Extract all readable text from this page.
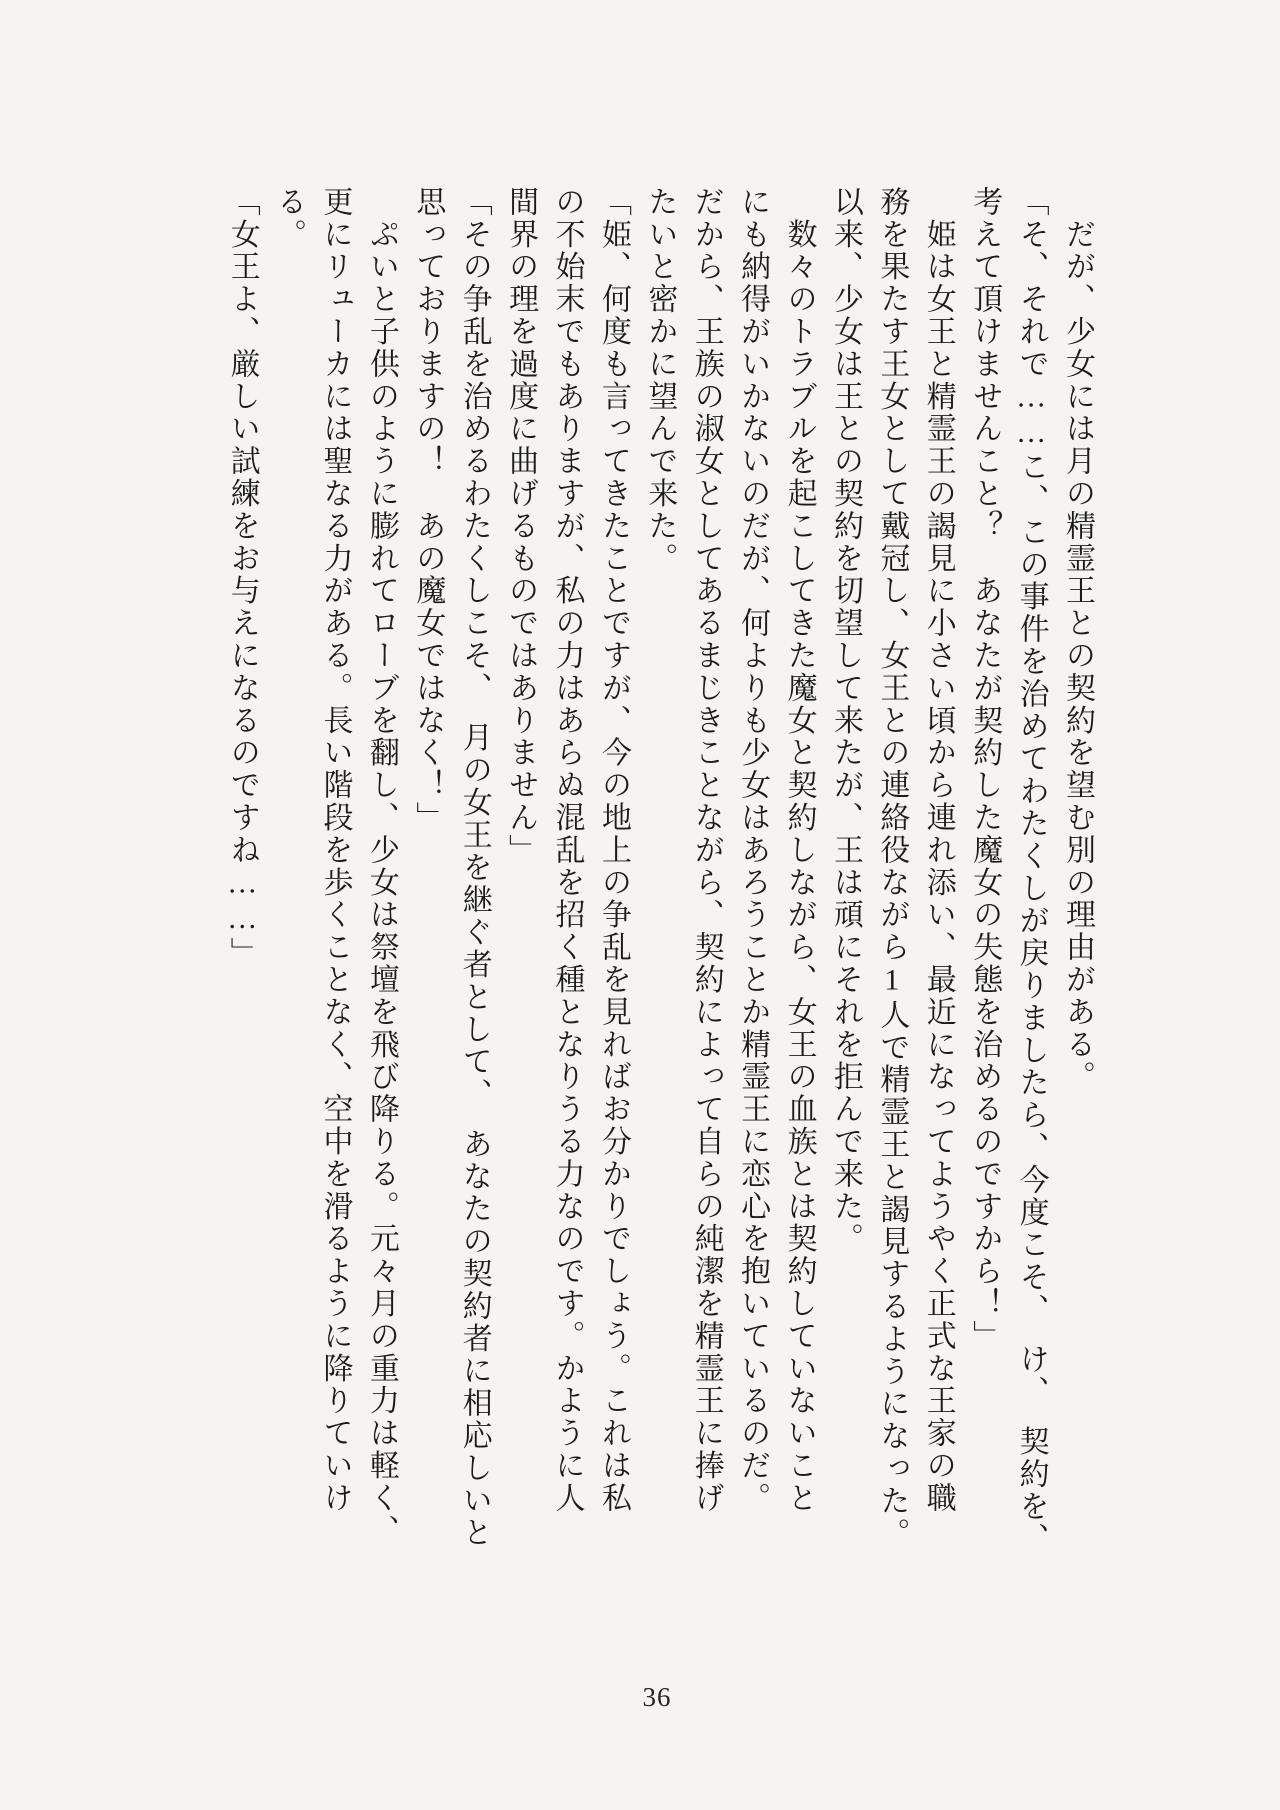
　だが、少女には月の精霊王との契約を望む別の理由がある。
「そ、それで……こ、この事件を治めてわたくしが戻りましたら、今度こそ、　け、　契約を、
考えて頂けませんこと？　あなたが契約した魔女の失態を治めるのですから！」
　姫は女王と精霊王の謁見に小さい頃から連れ添い、最近になってようやく正式な王家の職
務を果たす王女として戴冠し、女王との連絡役ながら1人で精霊王と謁見するようになった。
以来、少女は王との契約を切望して来たが、王は頑にそれを拒んで来た。
　数々のトラブルを起こしてきた魔女と契約しながら、女王の血族とは契約していないこと
にも納得がいかないのだが、何よりも少女はあろうことか精霊王に恋心を抱いているのだ。
だから、王族の淑女としてあるまじきことながら、契約によって自らの純潔を精霊王に捧げ
たいと密かに望んで来た。
「姫、何度も言ってきたことですが、今の地上の争乱を見ればお分かりでしょう。これは私
の不始末でもありますが、私の力はあらぬ混乱を招く種となりうる力なのです。かように人
間界の理を過度に曲げるものではありません」
「その争乱を治めるわたくしこそ、　月の女王を継ぐ者として、　あなたの契約者に相応しいと
思っておりますの！　あの魔女ではなく！」
　ぷいと子供のように膨れてローブを翻し、少女は祭壇を飛び降りる。元々月の重力は軽く、
更にリューカには聖なる力がある。長い階段を歩くことなく、空中を滑るように降りていけ
る。
「女王よ、厳しい試練をお与えになるのですね……」
36
